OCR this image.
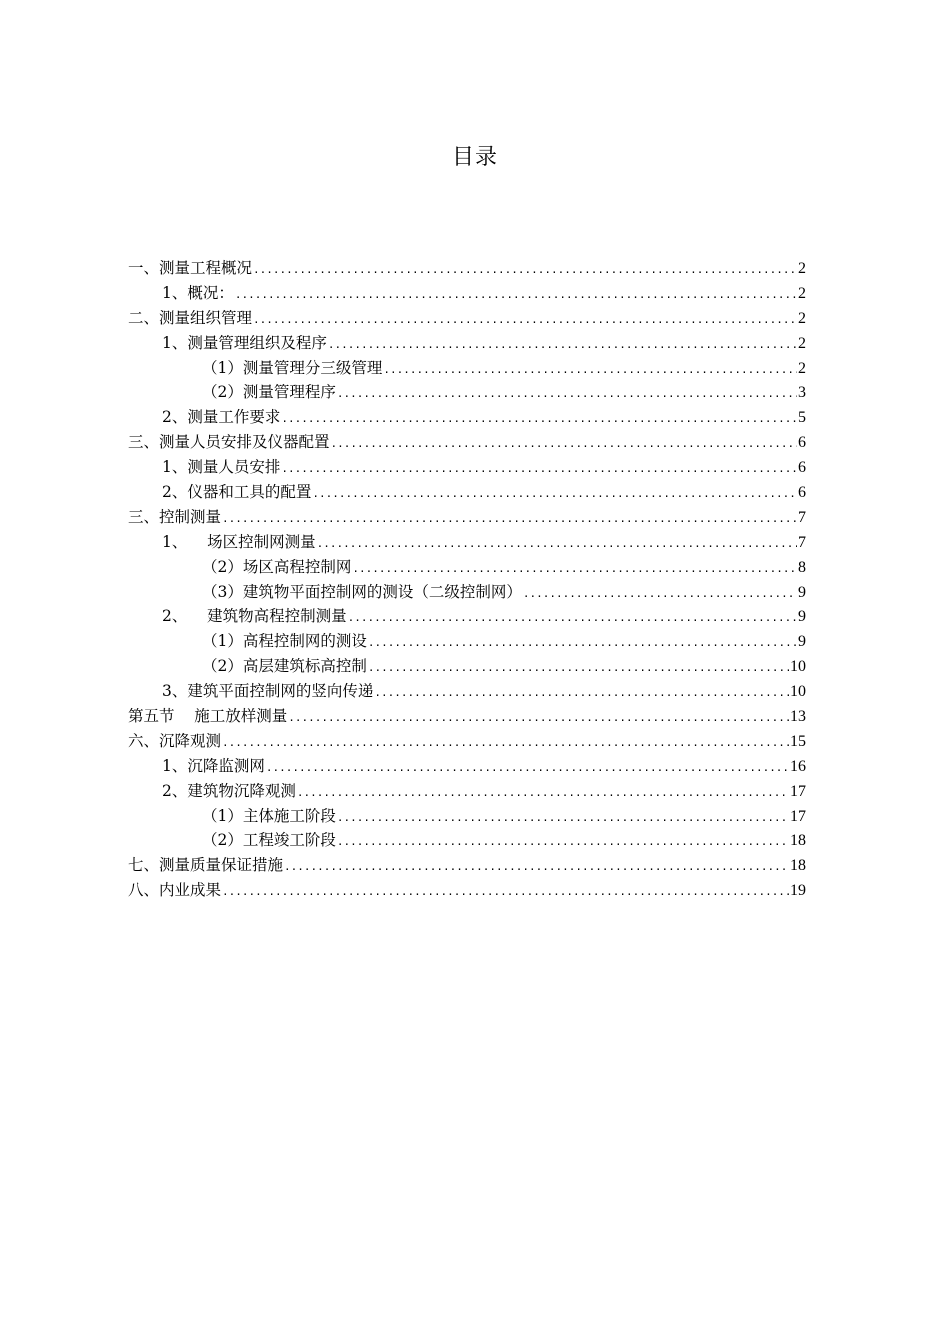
目录
一、测量工程概况 .....	2
1、概况： .....	2
二、测量组织管理 .....	2
1、测量管理组织及程序 .....	2
（1）测量管理分三级管理 .....	2
（2）测量管理程序 .....	3
2、测量工作要求 .....	5
三、测量人员安排及仪器配置 .....	6
1、测量人员安排 .....	6
2、仪器和工具的配置 .....	6
三、控制测量 .....	7
1、    场区控制网测量 .....	7
（2）场区高程控制网 .....	8
（3）建筑物平面控制网的测设（二级控制网） .....	9
2、    建筑物高程控制测量 .....	9
（1）高程控制网的测设 .....	9
（2）高层建筑标高控制 .....	10
3、建筑平面控制网的竖向传递 .....	10
第五节    施工放样测量 .....	13
六、沉降观测 .....	15
1、沉降监测网 .....	16
2、建筑物沉降观测 .....	17
（1）主体施工阶段 .....	17
（2）工程竣工阶段 .....	18
七、测量质量保证措施 .....	18
八、内业成果 .....	19
